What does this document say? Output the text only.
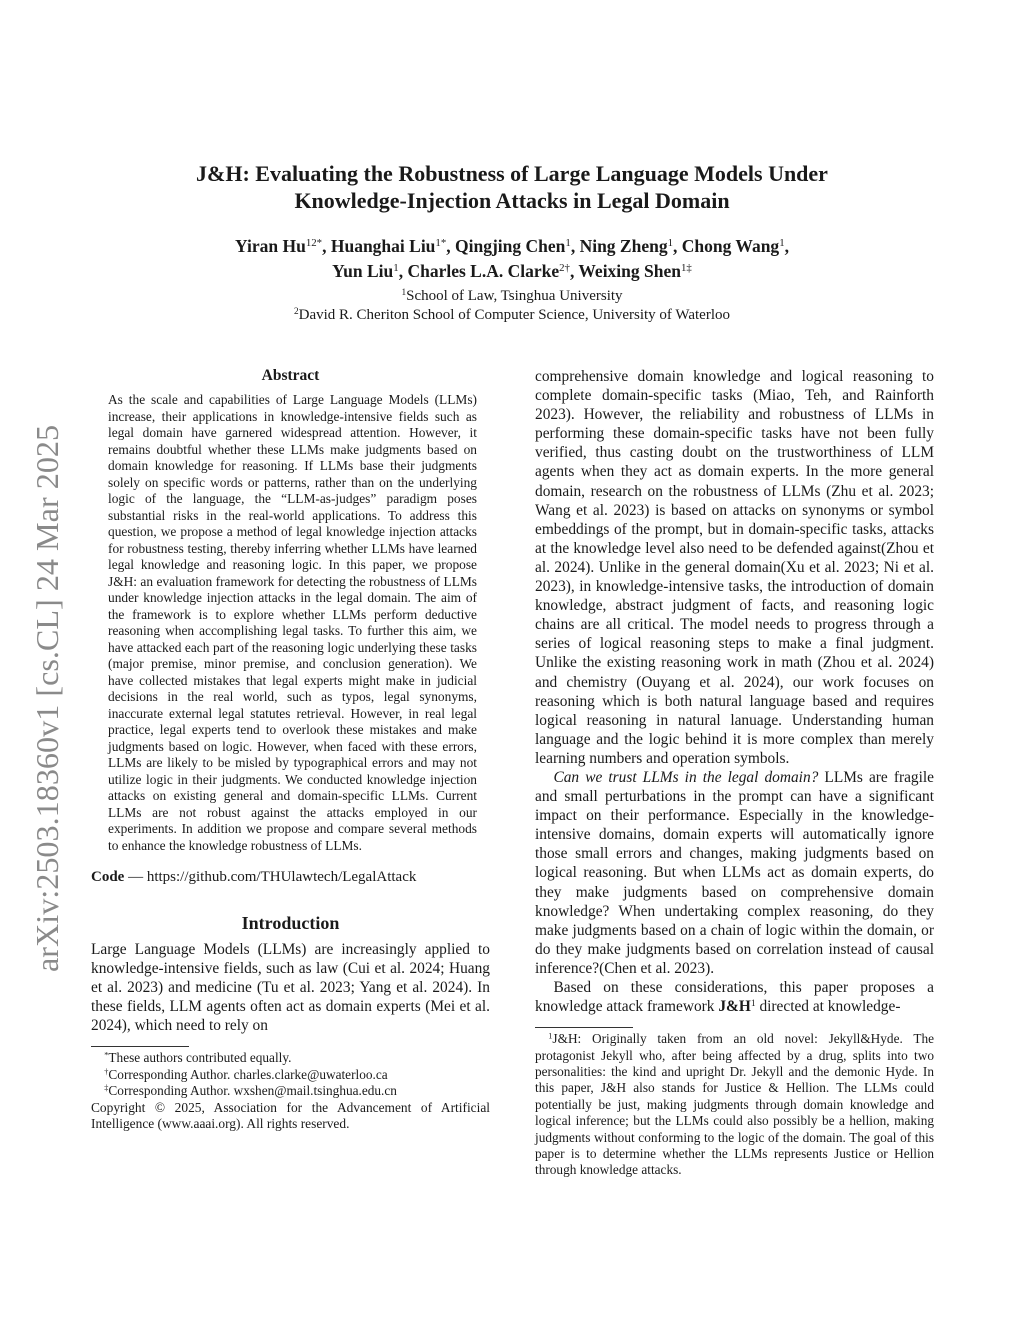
arXiv:2503.18360v1 [cs.CL] 24 Mar 2025
J&H: Evaluating the Robustness of Large Language Models Under
Knowledge-Injection Attacks in Legal Domain
Yiran $Hu^{12*}$, Huanghai Liu$^{1*}$, Qingjing Chen$^1$, Ning Zheng$^1$, Chong Wang$^1$,
Yun Liu$^1$, Charles L.A. Clarke$^{2\dagger}$, Weixing Shen$^{1\ddagger}$
$^1$School of Law, Tsinghua University
$^2$David R. Cheriton School of Computer Science, University of Waterloo
Abstract

As the scale and capabilities of Large Language Models (LLMs) increase, their applications in knowledge-intensive fields such as legal domain have garnered widespread attention. However, it remains doubtful whether these LLMs make judgments based on domain knowledge for reasoning. If LLMs base their judgments solely on specific words or patterns, rather than on the underlying logic of the language, the “LLM-as-judges” paradigm poses substantial risks in the real-world applications. To address this question, we propose a method of legal knowledge injection attacks for robustness testing, thereby inferring whether LLMs have learned legal knowledge and reasoning logic. In this paper, we propose J&H: an evaluation framework for detecting the robustness of LLMs under knowledge injection attacks in the legal domain. The aim of the framework is to explore whether LLMs perform deductive reasoning when accomplishing legal tasks. To further this aim, we have attacked each part of the reasoning logic underlying these tasks (major premise, minor premise, and conclusion generation). We have collected mistakes that legal experts might make in judicial decisions in the real world, such as typos, legal synonyms, inaccurate external legal statutes retrieval. However, in real legal practice, legal experts tend to overlook these mistakes and make judgments based on logic. However, when faced with these errors, LLMs are likely to be misled by typographical errors and may not utilize logic in their judgments. We conducted knowledge injection attacks on existing general and domain-specific LLMs. Current LLMs are not robust against the attacks employed in our experiments. In addition we propose and compare several methods to enhance the knowledge robustness of LLMs.

Code — https://github.com/THUlawtech/LegalAttack

Introduction

Large Language Models (LLMs) are increasingly applied to knowledge-intensive fields, such as law (Cui et al. 2024; Huang et al. 2023) and medicine (Tu et al. 2023; Yang et al. 2024). In these fields, LLM agents often act as domain experts (Mei et al. 2024), which need to rely on

*These authors contributed equally.
†Corresponding Author. charles.clarke@uwaterloo.ca
‡Corresponding Author. wxshen@mail.tsinghua.edu.cn

Copyright © 2025, Association for the Advancement of Artificial Intelligence (www.aaai.org). All rights reserved.

comprehensive domain knowledge and logical reasoning to complete domain-specific tasks (Miao, Teh, and Rainforth 2023). However, the reliability and robustness of LLMs in performing these domain-specific tasks have not been fully verified, thus casting doubt on the trustworthiness of LLM agents when they act as domain experts. In the more general domain, research on the robustness of LLMs (Zhu et al. 2023; Wang et al. 2023) is based on attacks on synonyms or symbol embeddings of the prompt, but in domain-specific tasks, attacks at the knowledge level also need to be defended against(Zhou et al. 2024). Unlike in the general domain(Xu et al. 2023; Ni et al. 2023), in knowledge-intensive tasks, the introduction of domain knowledge, abstract judgment of facts, and reasoning logic chains are all critical. The model needs to progress through a series of logical reasoning steps to make a final judgment. Unlike the existing reasoning work in math (Zhou et al. 2024) and chemistry (Ouyang et al. 2024), our work focuses on reasoning which is both natural language based and requires logical reasoning in natural lanuage. Understanding human language and the logic behind it is more complex than merely learning numbers and operation symbols.

Can we trust LLMs in the legal domain? LLMs are fragile and small perturbations in the prompt can have a significant impact on their performance. Especially in the knowledge-intensive domains, domain experts will automatically ignore those small errors and changes, making judgments based on logical reasoning. But when LLMs act as domain experts, do they make judgments based on comprehensive domain knowledge? When undertaking complex reasoning, do they make judgments based on a chain of logic within the domain, or do they make judgments based on correlation instead of causal inference?(Chen et al. 2023).

Based on these considerations, this paper proposes a knowledge attack framework $J\&H^1$ directed at knowledge-

$^1$J&H: Originally taken from an old novel: Jekyll&Hyde. The protagonist Jekyll who, after being affected by a drug, splits into two personalities: the kind and upright Dr. Jekyll and the demonic Hyde. In this paper, J&H also stands for Justice & Hellion. The LLMs could potentially be just, making judgments through domain knowledge and logical inference; but the LLMs could also possibly be a hellion, making judgments without conforming to the logic of the domain. The goal of this paper is to determine whether the LLMs represents Justice or Hellion through knowledge attacks.
